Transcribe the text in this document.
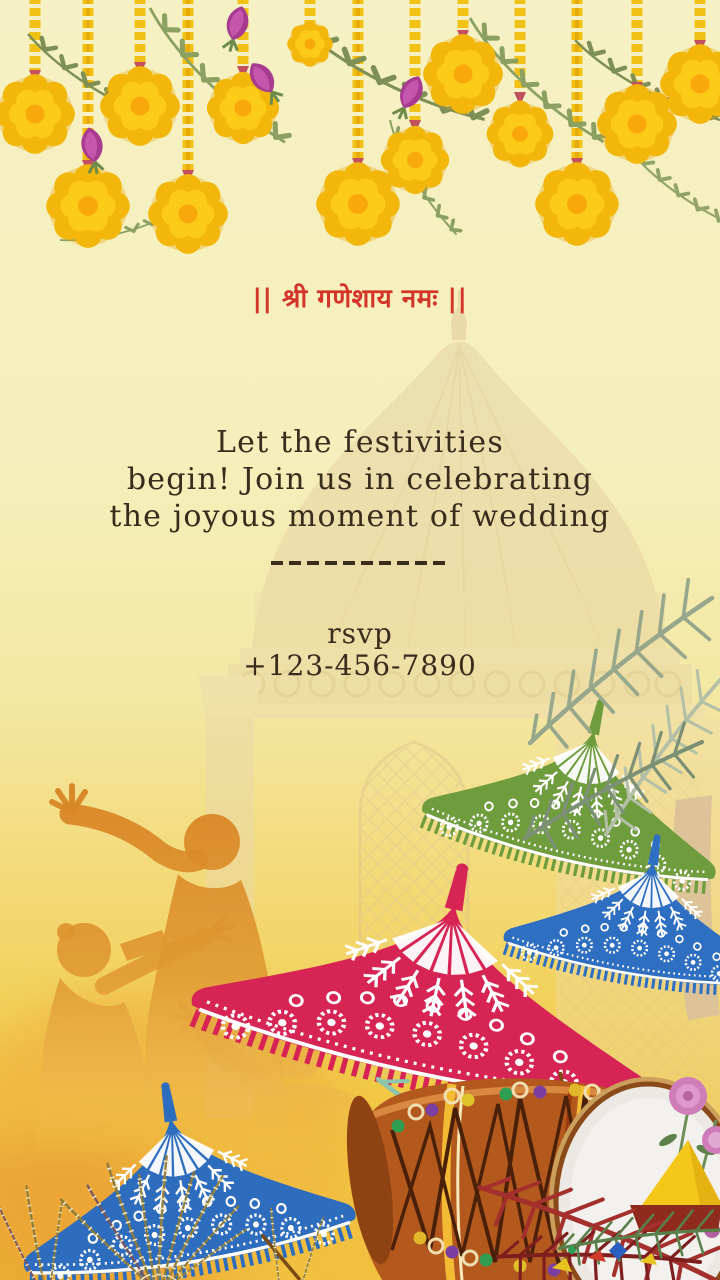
|| श्री गणेशाय नमः ||
Let the festivities
begin! Join us in celebrating
the joyous moment of wedding
rsvp
+123-456-7890
